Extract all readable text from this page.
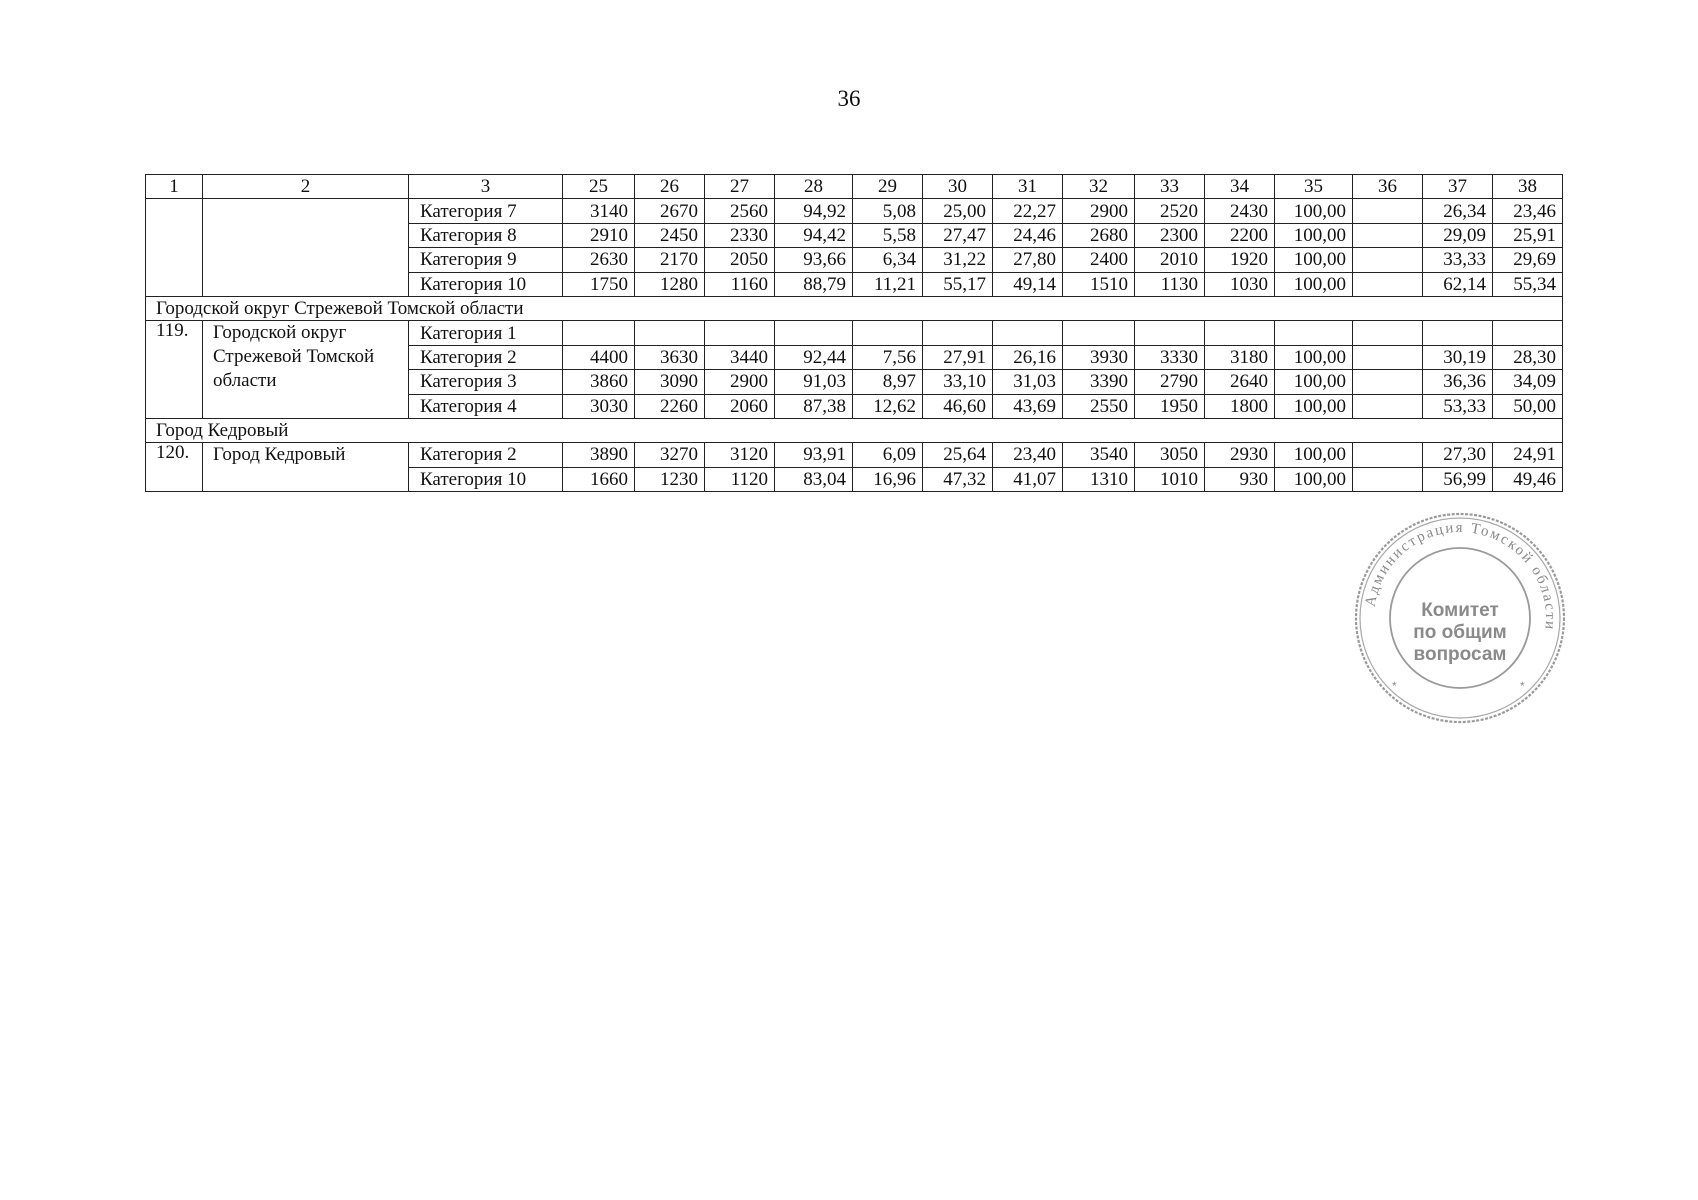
36
1	2	3	25	26	27	28	29	30	31	32	33	34	35	36	37	38
		Категория 7	3140	2670	2560	94,92	5,08	25,00	22,27	2900	2520	2430	100,00		26,34	23,46
		Категория 8	2910	2450	2330	94,42	5,58	27,47	24,46	2680	2300	2200	100,00		29,09	25,91
		Категория 9	2630	2170	2050	93,66	6,34	31,22	27,80	2400	2010	1920	100,00		33,33	29,69
		Категория 10	1750	1280	1160	88,79	11,21	55,17	49,14	1510	1130	1030	100,00		62,14	55,34
Городской округ Стрежевой Томской области																
119.	Городской округ Стрежевой Томской области	Категория 1														
		Категория 2	4400	3630	3440	92,44	7,56	27,91	26,16	3930	3330	3180	100,00		30,19	28,30
		Категория 3	3860	3090	2900	91,03	8,97	33,10	31,03	3390	2790	2640	100,00		36,36	34,09
		Категория 4	3030	2260	2060	87,38	12,62	46,60	43,69	2550	1950	1800	100,00		53,33	50,00
Город Кедровый																
120.	Город Кедровый	Категория 2	3890	3270	3120	93,91	6,09	25,64	23,40	3540	3050	2930	100,00		27,30	24,91
		Категория 10	1660	1230	1120	83,04	16,96	47,32	41,07	1310	1010	930	100,00		56,99	49,46
Администрация Томской области
Комитет
по общим
вопросам
*	*
